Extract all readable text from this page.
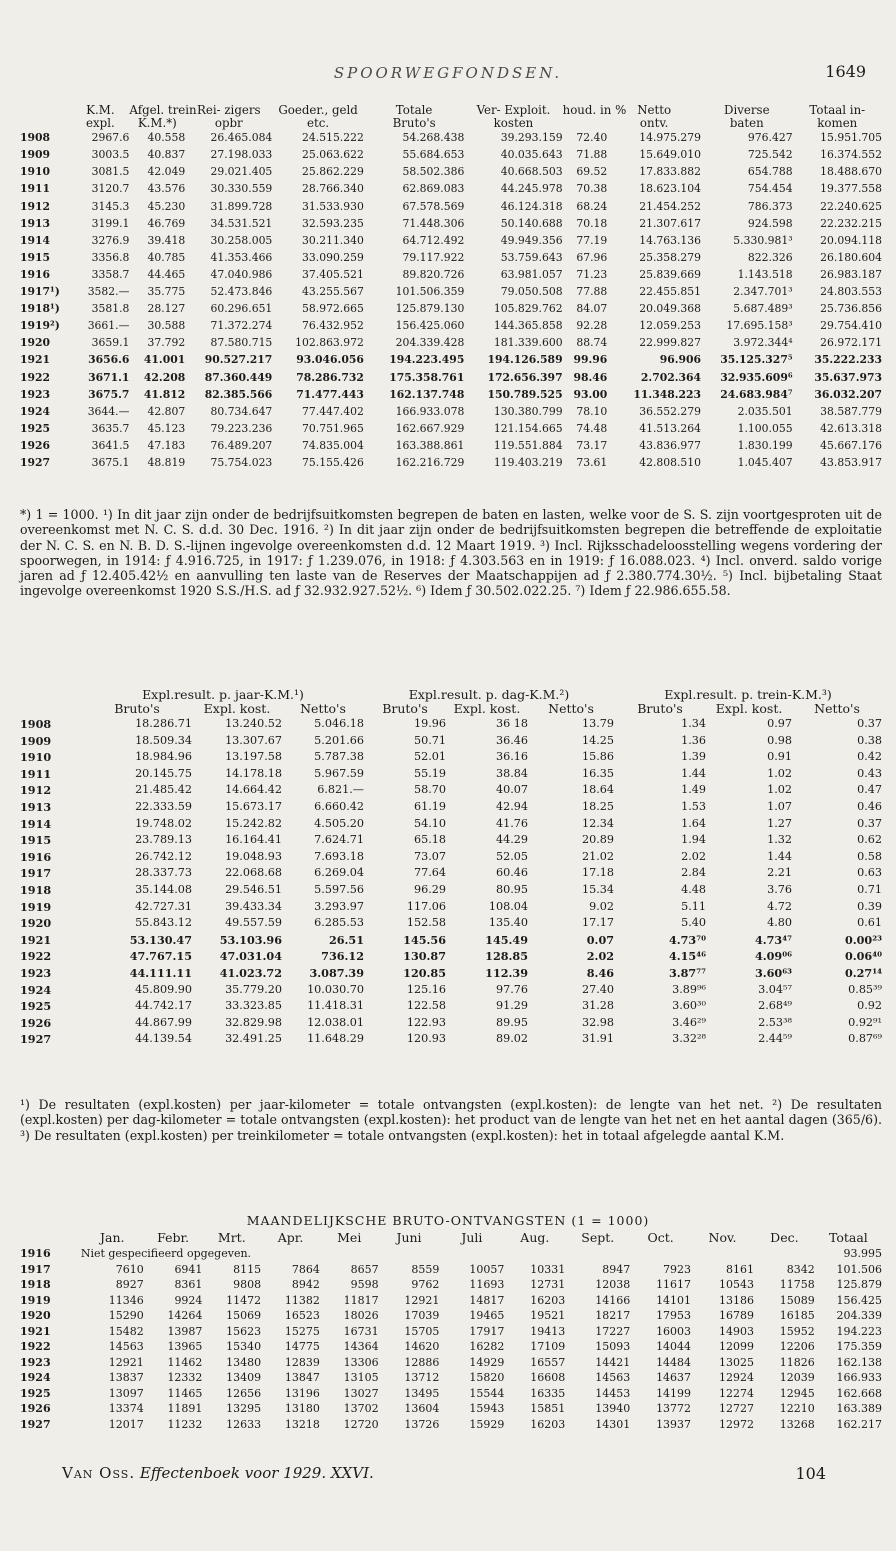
SPOORWEGFONDSEN.	1649
	K.M.	Afgel. trein	Rei- zigers	Goeder., geld	Totale	Ver- Exploit.	houd. in %	Netto	Diverse	Totaal in-
	expl.	K.M.*)	opbr	etc.	Bruto's	kosten		ontv.	baten	komen
1908	2967.6	40.558	26.465.084	24.515.222	54.268.438	39.293.159	72.40	14.975.279	976.427	15.951.705
1909	3003.5	40.837	27.198.033	25.063.622	55.684.653	40.035.643	71.88	15.649.010	725.542	16.374.552
1910	3081.5	42.049	29.021.405	25.862.229	58.502.386	40.668.503	69.52	17.833.882	654.788	18.488.670
1911	3120.7	43.576	30.330.559	28.766.340	62.869.083	44.245.978	70.38	18.623.104	754.454	19.377.558
1912	3145.3	45.230	31.899.728	31.533.930	67.578.569	46.124.318	68.24	21.454.252	786.373	22.240.625
1913	3199.1	46.769	34.531.521	32.593.235	71.448.306	50.140.688	70.18	21.307.617	924.598	22.232.215
1914	3276.9	39.418	30.258.005	30.211.340	64.712.492	49.949.356	77.19	14.763.136	5.330.981³	20.094.118
1915	3356.8	40.785	41.353.466	33.090.259	79.117.922	53.759.643	67.96	25.358.279	822.326	26.180.604
1916	3358.7	44.465	47.040.986	37.405.521	89.820.726	63.981.057	71.23	25.839.669	1.143.518	26.983.187
1917¹)	3582.—	35.775	52.473.846	43.255.567	101.506.359	79.050.508	77.88	22.455.851	2.347.701³	24.803.553
1918¹)	3581.8	28.127	60.296.651	58.972.665	125.879.130	105.829.762	84.07	20.049.368	5.687.489³	25.736.856
1919²)	3661.—	30.588	71.372.274	76.432.952	156.425.060	144.365.858	92.28	12.059.253	17.695.158³	29.754.410
1920	3659.1	37.792	87.580.715	102.863.972	204.339.428	181.339.600	88.74	22.999.827	3.972.344⁴	26.972.171
1921	3656.6	41.001	90.527.217	93.046.056	194.223.495	194.126.589	99.96	96.906	35.125.327⁵	35.222.233
1922	3671.1	42.208	87.360.449	78.286.732	175.358.761	172.656.397	98.46	2.702.364	32.935.609⁶	35.637.973
1923	3675.7	41.812	82.385.566	71.477.443	162.137.748	150.789.525	93.00	11.348.223	24.683.984⁷	36.032.207
1924	3644.—	42.807	80.734.647	77.447.402	166.933.078	130.380.799	78.10	36.552.279	2.035.501	38.587.779
1925	3635.7	45.123	79.223.236	70.751.965	162.667.929	121.154.665	74.48	41.513.264	1.100.055	42.613.318
1926	3641.5	47.183	76.489.207	74.835.004	163.388.861	119.551.884	73.17	43.836.977	1.830.199	45.667.176
1927	3675.1	48.819	75.754.023	75.155.426	162.216.729	119.403.219	73.61	42.808.510	1.045.407	43.853.917

*) 1 = 1000. ¹) In dit jaar zijn onder de bedrijfsuitkomsten begrepen de baten en lasten, welke voor de S. S. zijn voortgesproten uit de overeenkomst met N. C. S. d.d. 30 Dec. 1916. ²) In dit jaar zijn onder de bedrijfsuitkomsten begrepen die betreffende de exploitatie der N. C. S. en N. B. D. S.-lijnen ingevolge overeenkomsten d.d. 12 Maart 1919. ³) Incl. Rijksschadeloosstelling wegens vordering der spoorwegen, in 1914: ƒ 4.916.725, in 1917: ƒ 1.239.076, in 1918: ƒ 4.303.563 en in 1919: ƒ 16.088.023. ⁴) Incl. onverd. saldo vorige jaren ad ƒ 12.405.42½ en aanvulling ten laste van de Reserves der Maatschappijen ad ƒ 2.380.774.30½. ⁵) Incl. bijbetaling Staat ingevolge overeenkomst 1920 S.S./H.S. ad ƒ 32.932.927.52½. ⁶) Idem ƒ 30.502.022.25. ⁷) Idem ƒ 22.986.655.58.

	Expl.result. p. jaar-K.M.¹)			Expl.result. p. dag-K.M.²)			Expl.result. p. trein-K.M.³)		
	Bruto's	Expl. kost.	Netto's	Bruto's	Expl. kost.	Netto's	Bruto's	Expl. kost.	Netto's
1908	18.286.71	13.240.52	5.046.18	19.96	36 18	13.79	1.34	0.97	0.37
1909	18.509.34	13.307.67	5.201.66	50.71	36.46	14.25	1.36	0.98	0.38
1910	18.984.96	13.197.58	5.787.38	52.01	36.16	15.86	1.39	0.91	0.42
1911	20.145.75	14.178.18	5.967.59	55.19	38.84	16.35	1.44	1.02	0.43
1912	21.485.42	14.664.42	6.821.—	58.70	40.07	18.64	1.49	1.02	0.47
1913	22.333.59	15.673.17	6.660.42	61.19	42.94	18.25	1.53	1.07	0.46
1914	19.748.02	15.242.82	4.505.20	54.10	41.76	12.34	1.64	1.27	0.37
1915	23.789.13	16.164.41	7.624.71	65.18	44.29	20.89	1.94	1.32	0.62
1916	26.742.12	19.048.93	7.693.18	73.07	52.05	21.02	2.02	1.44	0.58
1917	28.337.73	22.068.68	6.269.04	77.64	60.46	17.18	2.84	2.21	0.63
1918	35.144.08	29.546.51	5.597.56	96.29	80.95	15.34	4.48	3.76	0.71
1919	42.727.31	39.433.34	3.293.97	117.06	108.04	9.02	5.11	4.72	0.39
1920	55.843.12	49.557.59	6.285.53	152.58	135.40	17.17	5.40	4.80	0.61
1921	53.130.47	53.103.96	26.51	145.56	145.49	0.07	4.73⁷⁰	4.73⁴⁷	0.00²³
1922	47.767.15	47.031.04	736.12	130.87	128.85	2.02	4.15⁴⁶	4.09⁰⁶	0.06⁴⁰
1923	44.111.11	41.023.72	3.087.39	120.85	112.39	8.46	3.87⁷⁷	3.60⁶³	0.27¹⁴
1924	45.809.90	35.779.20	10.030.70	125.16	97.76	27.40	3.89⁹⁶	3.04⁵⁷	0.85³⁹
1925	44.742.17	33.323.85	11.418.31	122.58	91.29	31.28	3.60³⁰	2.68⁴⁹	0.92
1926	44.867.99	32.829.98	12.038.01	122.93	89.95	32.98	3.46²⁹	2.53³⁸	0.92⁹¹
1927	44.139.54	32.491.25	11.648.29	120.93	89.02	31.91	3.32²⁸	2.44⁵⁹	0.87⁶⁹

¹) De resultaten (expl.kosten) per jaar-kilometer = totale ontvangsten (expl.kosten): de lengte van het net. ²) De resultaten (expl.kosten) per dag-kilometer = totale ontvangsten (expl.kosten): het product van de lengte van het net en het aantal dagen (365/6). ³) De resultaten (expl.kosten) per treinkilometer = totale ontvangsten (expl.kosten): het in totaal afgelegde aantal K.M.

MAANDELIJKSCHE BRUTO-ONTVANGSTEN (1 = 1000)
	Jan.	Febr.	Mrt.	Apr.	Mei	Juni	Juli	Aug.	Sept.	Oct.	Nov.	Dec.	Totaal
1916	Niet gespecifieerd opgegeven.												93.995
1917	7610	6941	8115	7864	8657	8559	10057	10331	8947	7923	8161	8342	101.506
1918	8927	8361	9808	8942	9598	9762	11693	12731	12038	11617	10543	11758	125.879
1919	11346	9924	11472	11382	11817	12921	14817	16203	14166	14101	13186	15089	156.425
1920	15290	14264	15069	16523	18026	17039	19465	19521	18217	17953	16789	16185	204.339
1921	15482	13987	15623	15275	16731	15705	17917	19413	17227	16003	14903	15952	194.223
1922	14563	13965	15340	14775	14364	14620	16282	17109	15093	14044	12099	12206	175.359
1923	12921	11462	13480	12839	13306	12886	14929	16557	14421	14484	13025	11826	162.138
1924	13837	12332	13409	13847	13105	13712	15820	16608	14563	14637	12924	12039	166.933
1925	13097	11465	12656	13196	13027	13495	15544	16335	14453	14199	12274	12945	162.668
1926	13374	11891	13295	13180	13702	13604	15943	15851	13940	13772	12727	12210	163.389
1927	12017	11232	12633	13218	12720	13726	15929	16203	14301	13937	12972	13268	162.217
Van Oss. Effectenboek voor 1929. XXVI.	104
